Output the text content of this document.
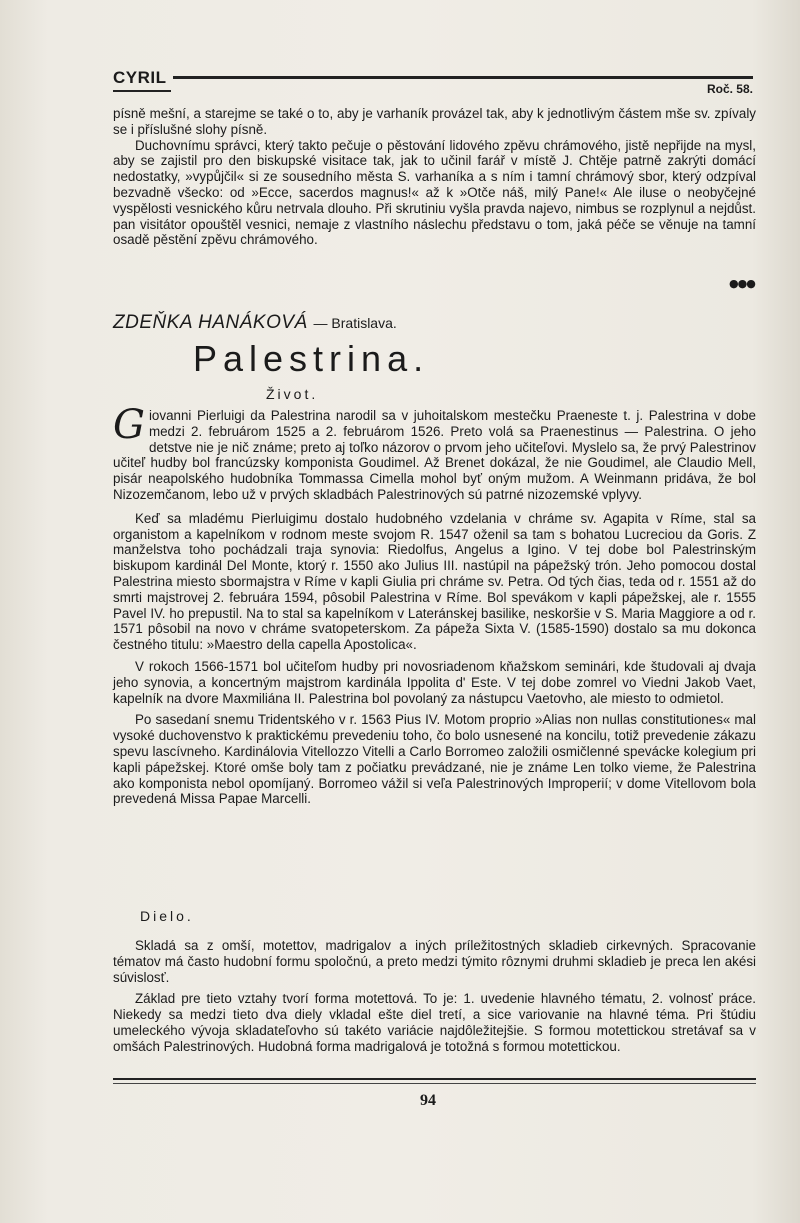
CYRIL
Roč. 58.

písně mešní, a starejme se také o to, aby je varhaník provázel tak, aby k jednotlivým částem mše sv. zpívaly se i příslušné slohy písně.

Duchovnímu správci, který takto pečuje o pěstování lidového zpěvu chrámového, jistě nepřijde na mysl, aby se zajistil pro den biskupské visitace tak, jak to učinil farář v místě J. Chtěje patrně zakrýti domácí nedostatky, »vypůjčil« si ze sousedního města S. varhaníka a s ním i tamní chrámový sbor, který odzpíval bezvadně všecko: od »Ecce, sacerdos magnus!« až k »Otče náš, milý Pane!« Ale iluse o neobyčejné vyspělosti vesnického kůru netrvala dlouho. Při skrutiniu vyšla pravda najevo, nimbus se rozplynul a nejdůst. pan visitátor opouštěl vesnici, nemaje z vlastního náslechu představu o tom, jaká péče se věnuje na tamní osadě pěstění zpěvu chrámového.

●●●
ZDEŇKA HANÁKOVÁ — Bratislava.
Palestrina.
Život.

Giovanni Pierluigi da Palestrina narodil sa v juhoitalskom mestečku Praeneste t. j. Palestrina v dobe medzi 2. februárom 1525 a 2. februárom 1526. Preto volá sa Praenestinus — Palestrina. O jeho detstve nie je nič známe; preto aj toľko názorov o prvom jeho učiteľovi. Myslelo sa, že prvý Palestrinov učiteľ hudby bol francúzsky komponista Goudimel. Až Brenet dokázal, že nie Goudimel, ale Claudio Mell, pisár neapolského hudobníka Tommassa Cimella mohol byť oným mužom. A Weinmann pridáva, že bol Nizozemčanom, lebo už v prvých skladbách Palestrinových sú patrné nizozemské vplyvy.

Keď sa mladému Pierluigimu dostalo hudobného vzdelania v chráme sv. Agapita v Ríme, stal sa organistom a kapelníkom v rodnom meste svojom R. 1547 oženil sa tam s bohatou Lucreciou da Goris. Z manželstva toho pochádzali traja synovia: Riedolfus, Angelus a Igino. V tej dobe bol Palestrinským biskupom kardinál Del Monte, ktorý r. 1550 ako Julius III. nastúpil na pápežský trón. Jeho pomocou dostal Palestrina miesto sbormajstra v Ríme v kapli Giulia pri chráme sv. Petra. Od tých čias, teda od r. 1551 až do smrti majstrovej 2. februára 1594, pôsobil Palestrina v Ríme. Bol spevákom v kapli pápežskej, ale r. 1555 Pavel IV. ho prepustil. Na to stal sa kapelníkom v Lateránskej basilike, neskoršie v S. Maria Maggiore a od r. 1571 pôsobil na novo v chráme svatopeterskom. Za pápeža Sixta V. (1585-1590) dostalo sa mu dokonca čestného titulu: »Maestro della capella Apostolica«.

V rokoch 1566-1571 bol učiteľom hudby pri novosriadenom kňažskom seminári, kde študovali aj dvaja jeho synovia, a koncertným majstrom kardinála Ippolita d' Este. V tej dobe zomrel vo Viedni Jakob Vaet, kapelník na dvore Maxmiliána II. Palestrina bol povolaný za nástupcu Vaetovho, ale miesto to odmietol.

Po sasedaní snemu Tridentského v r. 1563 Pius IV. Motom proprio »Alias non nullas constitutiones« mal vysoké duchovenstvo k praktickému prevedeniu toho, čo bolo usnesené na koncilu, totiž prevedenie zákazu spevu lascívneho. Kardinálovia Vitellozzo Vitelli a Carlo Borromeo založili osmičlenné spevácke kolegium pri kapli pápežskej. Ktoré omše boly tam z počiatku prevádzané, nie je známe Len tolko vieme, že Palestrina ako komponista nebol opomíjaný. Borromeo vážil si veľa Palestrinových Improperií; v dome Vitellovom bola prevedená Missa Papae Marcelli.

Dielo.

Skladá sa z omší, motettov, madrigalov a iných príležitostných skladieb cirkevných. Spracovanie tématov má často hudobní formu spoločnú, a preto medzi týmito rôznymi druhmi skladieb je preca len akési súvislosť.

Základ pre tieto vztahy tvorí forma motettová. To je: 1. uvedenie hlavného tématu, 2. volnosť práce. Niekedy sa medzi tieto dva diely vkladal ešte diel tretí, a sice variovanie na hlavné téma. Pri štúdiu umeleckého vývoja skladateľovho sú takéto variácie najdôležitejšie. S formou motettickou stretávaf sa v omšách Palestrinových. Hudobná forma madrigalová je totožná s formou motettickou.

94
